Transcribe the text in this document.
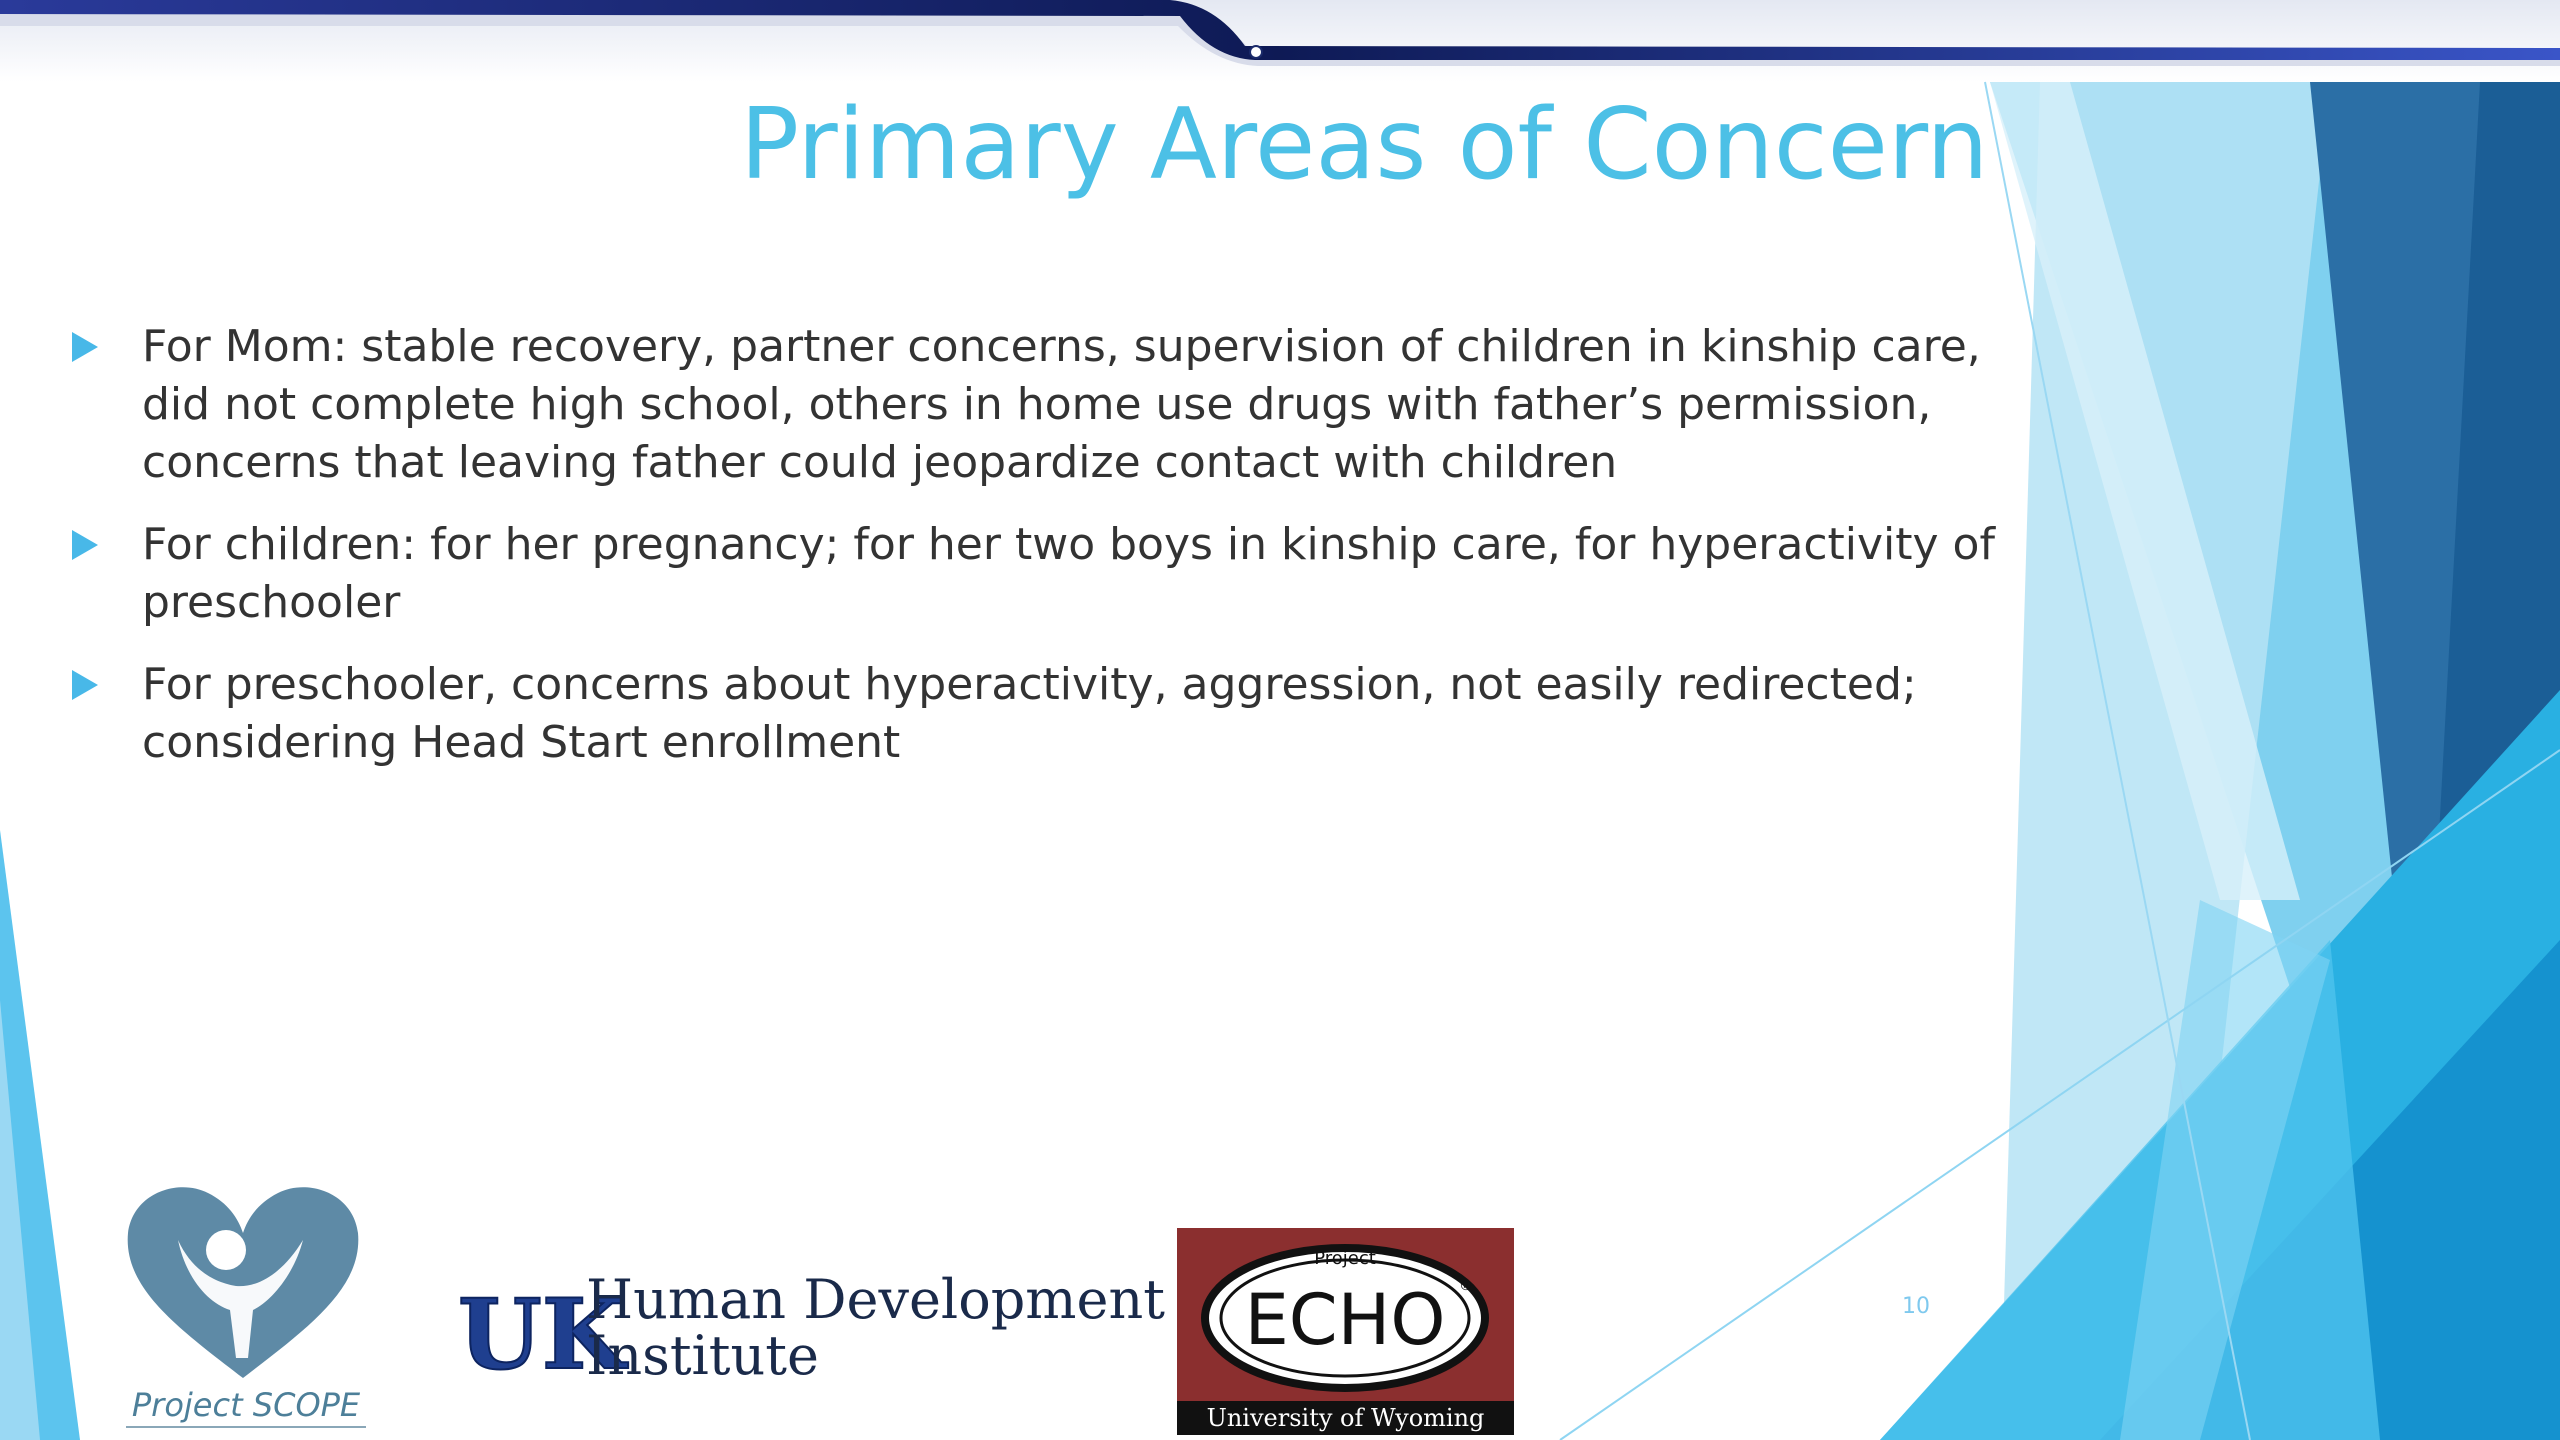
Primary Areas of Concern
For Mom: stable recovery, partner concerns, supervision of children in kinship care, did not complete high school, others in home use drugs with father’s permission, concerns that leaving father could jeopardize contact with children
For children: for her pregnancy; for her two boys in kinship care, for hyperactivity of preschooler
For preschooler, concerns about hyperactivity, aggression, not easily redirected; considering Head Start enrollment
10
Project SCOPE
UK
Human Development
Institute
Project
ECHO ®
University of Wyoming
